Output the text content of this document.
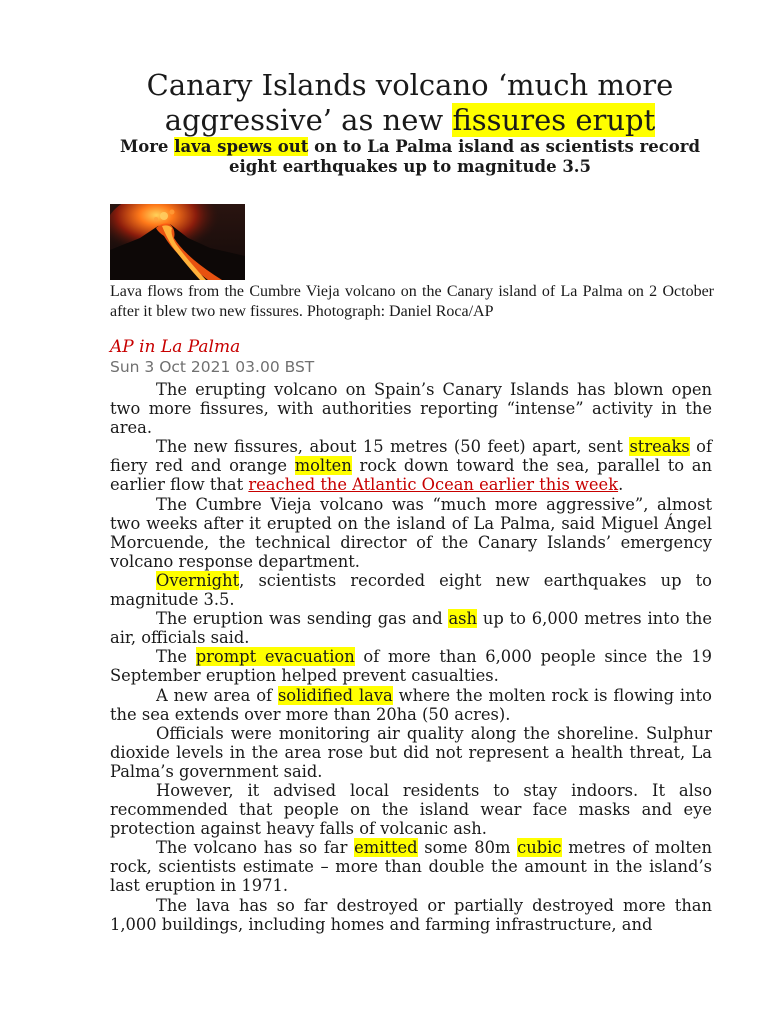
Canary Islands volcano ‘much more aggressive’ as new fissures erupt

More lava spews out on to La Palma island as scientists record eight earthquakes up to magnitude 3.5

Lava flows from the Cumbre Vieja volcano on the Canary island of La Palma on 2 October after it blew two new fissures. Photograph: Daniel Roca/AP

AP in La Palma
Sun 3 Oct 2021 03.00 BST

The erupting volcano on Spain’s Canary Islands has blown open two more fissures, with authorities reporting “intense” activity in the area.

The new fissures, about 15 metres (50 feet) apart, sent streaks of fiery red and orange molten rock down toward the sea, parallel to an earlier flow that reached the Atlantic Ocean earlier this week.

The Cumbre Vieja volcano was “much more aggressive”, almost two weeks after it erupted on the island of La Palma, said Miguel Ángel Morcuende, the technical director of the Canary Islands’ emergency volcano response department.

Overnight, scientists recorded eight new earthquakes up to magnitude 3.5.

The eruption was sending gas and ash up to 6,000 metres into the air, officials said.

The prompt evacuation of more than 6,000 people since the 19 September eruption helped prevent casualties.

A new area of solidified lava where the molten rock is flowing into the sea extends over more than 20ha (50 acres).

Officials were monitoring air quality along the shoreline. Sulphur dioxide levels in the area rose but did not represent a health threat, La Palma’s government said.

However, it advised local residents to stay indoors. It also recommended that people on the island wear face masks and eye protection against heavy falls of volcanic ash.

The volcano has so far emitted some 80m cubic metres of molten rock, scientists estimate – more than double the amount in the island’s last eruption in 1971.

The lava has so far destroyed or partially destroyed more than 1,000 buildings, including homes and farming infrastructure, and
